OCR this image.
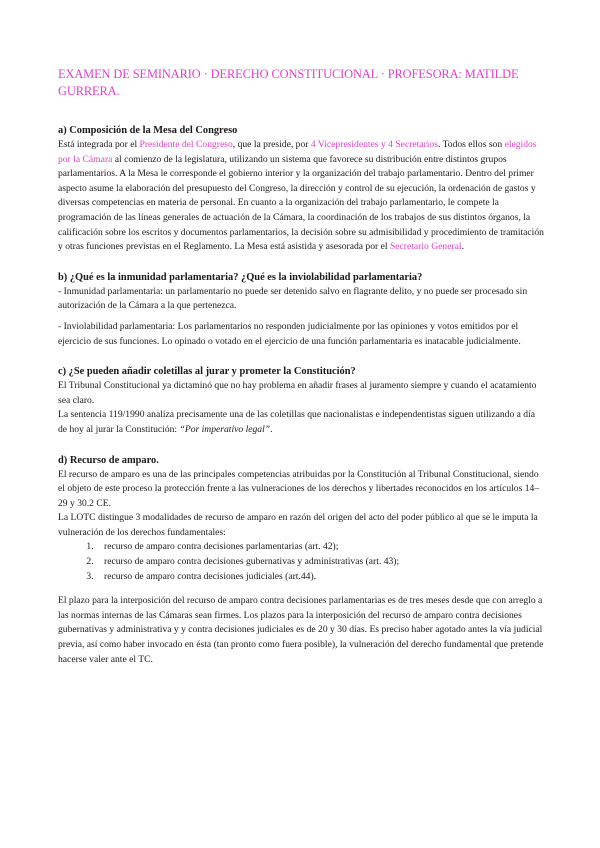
EXAMEN DE SEMINARIO · DERECHO CONSTITUCIONAL · PROFESORA: MATILDE GURRERA.
a) Composición de la Mesa del Congreso

Está integrada por el Presidente del Congreso, que la preside, por 4 Vicepresidentes y 4 Secretarios. Todos ellos son elegidos por la Cámara al comienzo de la legislatura, utilizando un sistema que favorece su distribución entre distintos grupos parlamentarios. A la Mesa le corresponde el gobierno interior y la organización del trabajo parlamentario. Dentro del primer aspecto asume la elaboración del presupuesto del Congreso, la dirección y control de su ejecución, la ordenación de gastos y diversas competencias en materia de personal. En cuanto a la organización del trabajo parlamentario, le compete la programación de las líneas generales de actuación de la Cámara, la coordinación de los trabajos de sus distintos órganos, la calificación sobre los escritos y documentos parlamentarios, la decisión sobre su admisibilidad y procedimiento de tramitación y otras funciones previstas en el Reglamento. La Mesa está asistida y asesorada por el Secretario General.

b) ¿Qué es la inmunidad parlamentaria? ¿Qué es la inviolabilidad parlamentaria?

- Inmunidad parlamentaria: un parlamentario no puede ser detenido salvo en flagrante delito, y no puede ser procesado sin autorización de la Cámara a la que pertenezca.

- Inviolabilidad parlamentaria: Los parlamentarios no responden judicialmente por las opiniones y votos emitidos por el ejercicio de sus funciones. Lo opinado o votado en el ejercicio de una función parlamentaria es inatacable judicialmente.

c) ¿Se pueden añadir coletillas al jurar y prometer la Constitución?

El Tribunal Constitucional ya dictaminó que no hay problema en añadir frases al juramento siempre y cuando el acatamiento sea claro.

La sentencia 119/1990 analiza precisamente una de las coletillas que nacionalistas e independentistas siguen utilizando a día de hoy al jurar la Constitución: “Por imperativo legal”.

d) Recurso de amparo.

El recurso de amparo es una de las principales competencias atribuidas por la Constitución al Tribunal Constitucional, siendo el objeto de este proceso la protección frente a las vulneraciones de los derechos y libertades reconocidos en los artículos 14–29 y 30.2 CE.

La LOTC distingue 3 modalidades de recurso de amparo en razón del origen del acto del poder público al que se le imputa la vulneración de los derechos fundamentales:

1. recurso de amparo contra decisiones parlamentarias (art. 42);
2. recurso de amparo contra decisiones gubernativas y administrativas (art. 43);
3. recurso de amparo contra decisiones judiciales (art.44).

El plazo para la interposición del recurso de amparo contra decisiones parlamentarias es de tres meses desde que con arreglo a las normas internas de las Cámaras sean firmes. Los plazos para la interposición del recurso de amparo contra decisiones gubernativas y administrativa y y contra decisiones judiciales es de 20 y 30 días. Es preciso haber agotado antes la vía judicial previa, así como haber invocado en ésta (tan pronto como fuera posible), la vulneración del derecho fundamental que pretende hacerse valer ante el TC.
